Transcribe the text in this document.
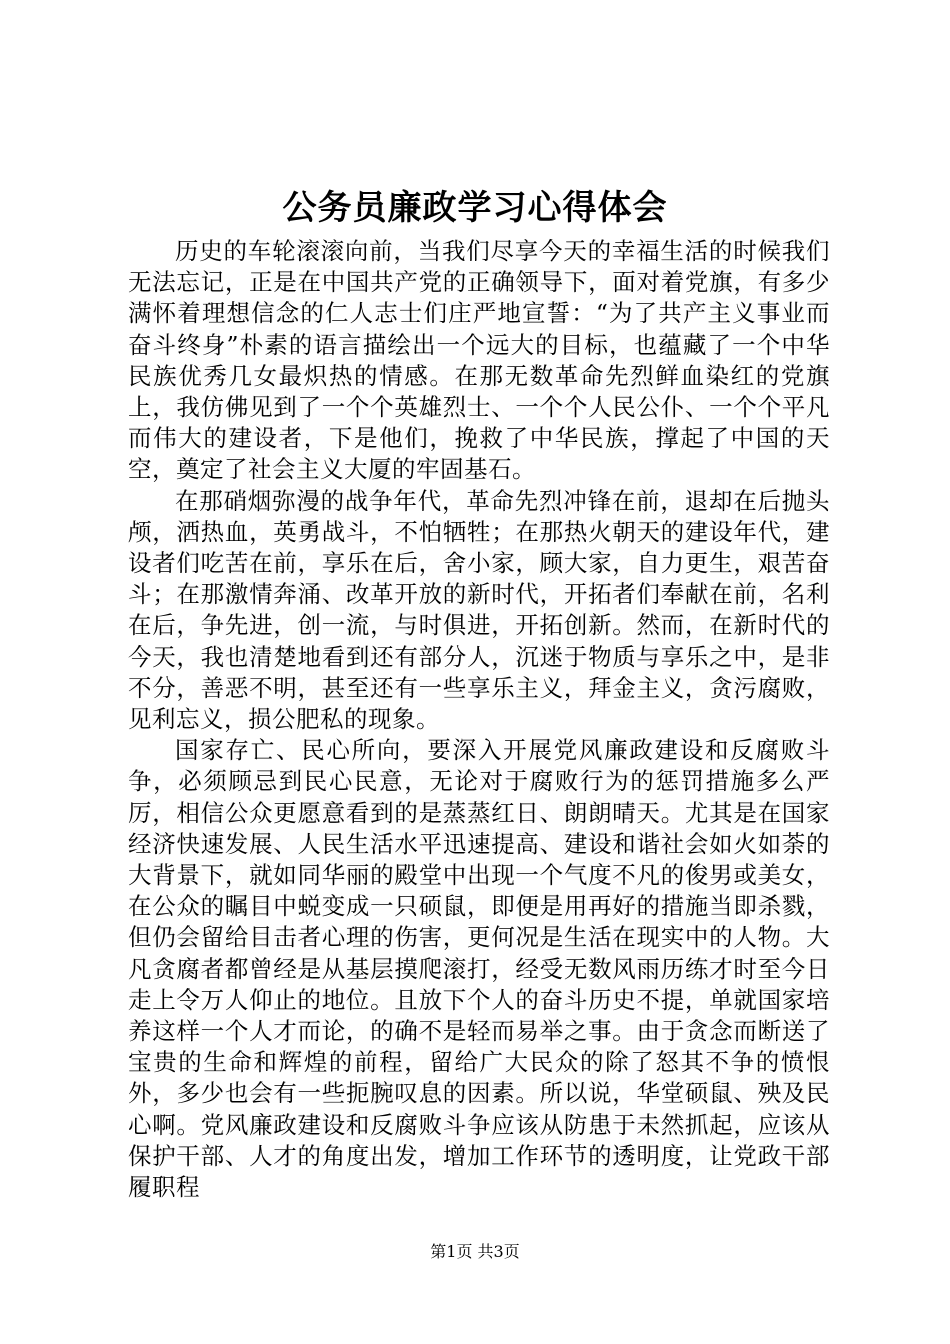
公务员廉政学习心得体会

历史的车轮滚滚向前，当我们尽享今天的幸福生活的时候我们无法忘记，正是在中国共产党的正确领导下，面对着党旗，有多少满怀着理想信念的仁人志士们庄严地宣誓：“为了共产主义事业而奋斗终身”朴素的语言描绘出一个远大的目标，也蕴藏了一个中华民族优秀几女最炽热的情感。在那无数革命先烈鲜血染红的党旗上，我仿佛见到了一个个英雄烈士、一个个人民公仆、一个个平凡而伟大的建设者，下是他们，挽救了中华民族，撑起了中国的天空，奠定了社会主义大厦的牢固基石。

在那硝烟弥漫的战争年代，革命先烈冲锋在前，退却在后抛头颅，洒热血，英勇战斗，不怕牺牲；在那热火朝天的建设年代，建设者们吃苦在前，享乐在后，舍小家，顾大家，自力更生，艰苦奋斗；在那激情奔涌、改革开放的新时代，开拓者们奉献在前，名利在后，争先进，创一流，与时俱进，开拓创新。然而，在新时代的今天，我也清楚地看到还有部分人，沉迷于物质与享乐之中，是非不分，善恶不明，甚至还有一些享乐主义，拜金主义，贪污腐败，见利忘义，损公肥私的现象。

国家存亡、民心所向，要深入开展党风廉政建设和反腐败斗争，必须顾忌到民心民意，无论对于腐败行为的惩罚措施多么严厉，相信公众更愿意看到的是蒸蒸红日、朗朗晴天。尤其是在国家经济快速发展、人民生活水平迅速提高、建设和谐社会如火如荼的大背景下，就如同华丽的殿堂中出现一个气度不凡的俊男或美女，在公众的瞩目中蜕变成一只硕鼠，即便是用再好的措施当即杀戮，但仍会留给目击者心理的伤害，更何况是生活在现实中的人物。大凡贪腐者都曾经是从基层摸爬滚打，经受无数风雨历练才时至今日走上令万人仰止的地位。且放下个人的奋斗历史不提，单就国家培养这样一个人才而论，的确不是轻而易举之事。由于贪念而断送了宝贵的生命和辉煌的前程，留给广大民众的除了怒其不争的愤恨外，多少也会有一些扼腕叹息的因素。所以说，华堂硕鼠、殃及民心啊。党风廉政建设和反腐败斗争应该从防患于未然抓起，应该从保护干部、人才的角度出发，增加工作环节的透明度，让党政干部履职程

第1页 共3页
